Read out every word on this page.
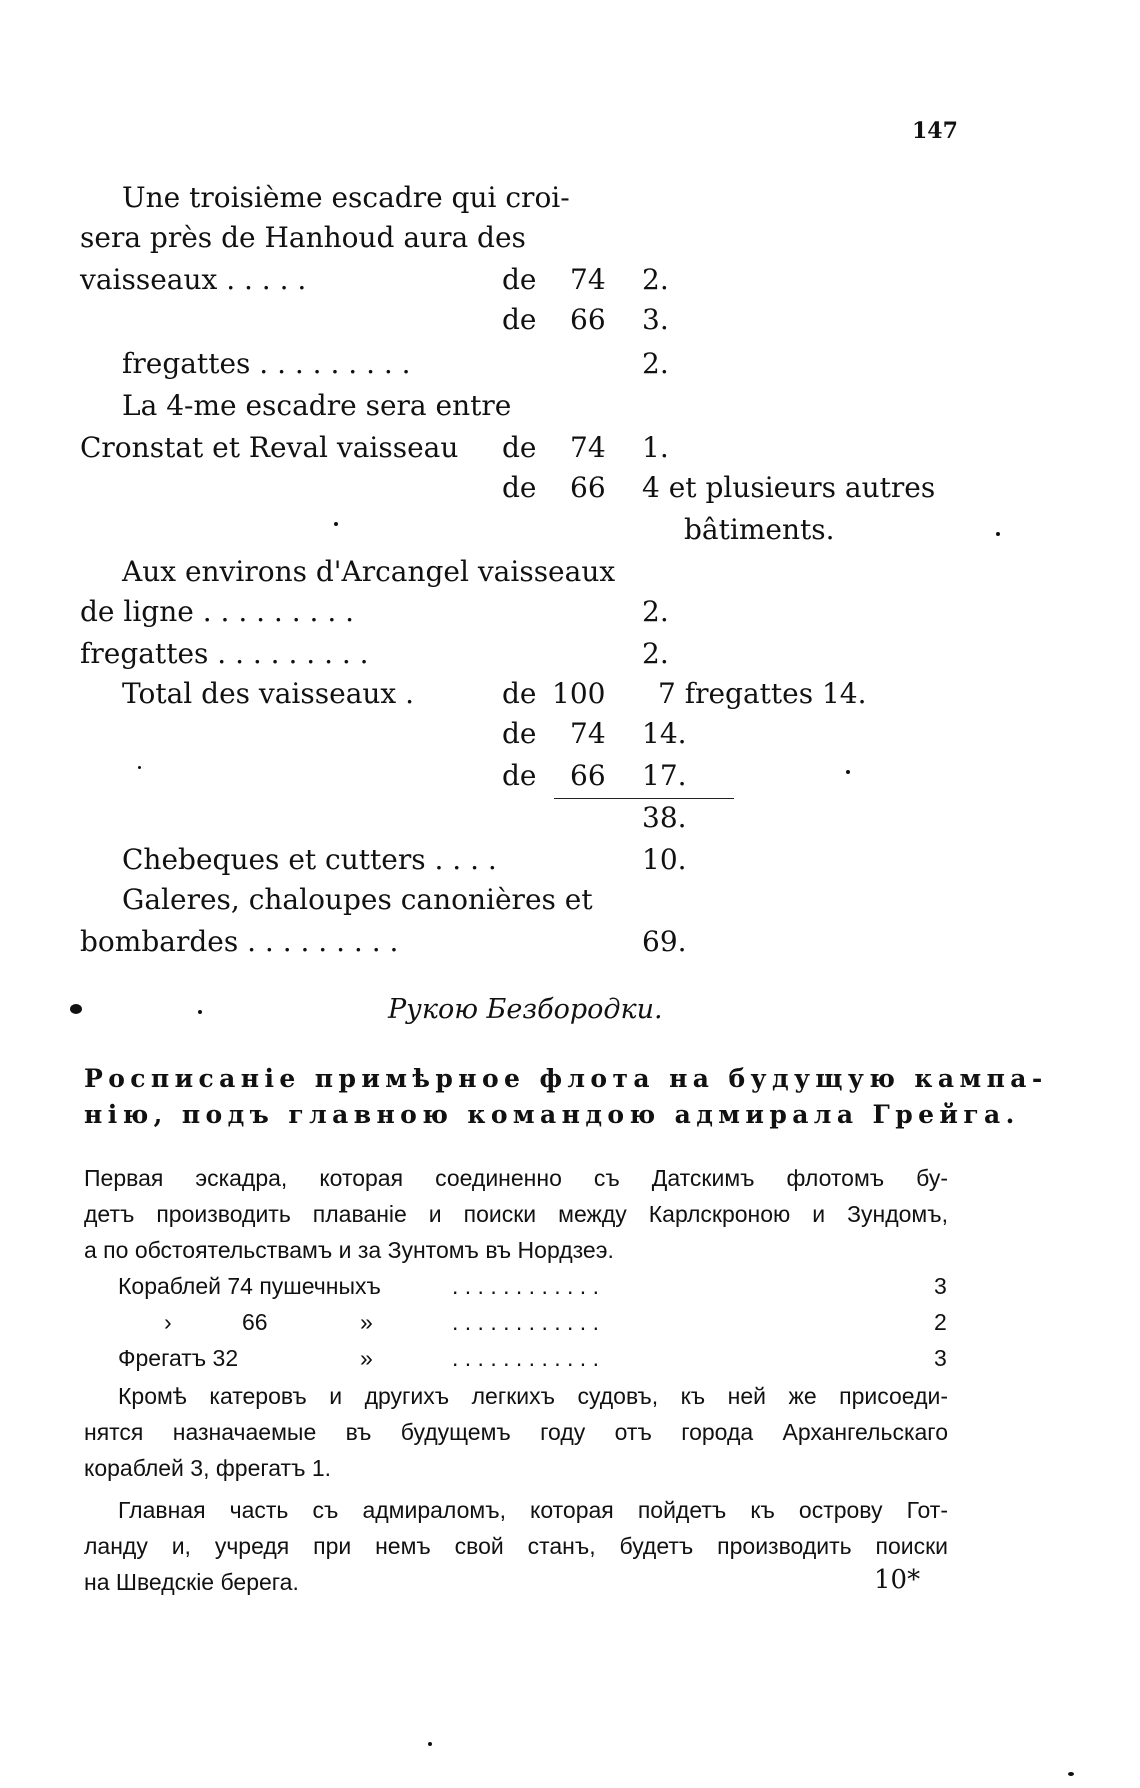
147
Une troisième escadre qui croi-
sera près de Hanhoud aura des
vaisseaux . . . . .	de 74 2.
de 66 3.
fregattes . . . . . . . . .	2.
La 4-me escadre sera entre
Cronstat et Reval vaisseau de 74 1.
de 66 4 et plusieurs autres
bâtiments.
Aux environs d'Arcangel vaisseaux
de ligne . . . . . . . . .	2.
fregattes . . . . . . . . .	2.
Total des vaisseaux .	de 100 7 fregattes 14.
de 74 14.
de 66 17.
38.
Chebeques et cutters . . . .	10.
Galeres, chaloupes canonières et
bombardes . . . . . . . . .	69.
Рукою Безбородки.
Росписаніе примѣрное флота на будущую кампа-
нію, подъ главною командою адмирала Грейга.
Первая эскадра, которая соединенно съ Датскимъ флотомъ бу-
детъ производить плаваніе и поиски между Карлскроною и Зундомъ,
а по обстоятельствамъ и за Зунтомъ въ Нордзеэ.
Кораблей 74 пушечныхъ	. . . . . . . . . . . .	3
›	66	»	. . . . . . . . . . . .	2
Фрегатъ 32	»	. . . . . . . . . . . .	3
Кромѣ катеровъ и другихъ легкихъ судовъ, къ ней же присоеди-
нятся назначаемые въ будущемъ году отъ города Архангельскаго
кораблей 3, фрегатъ 1.
Главная часть съ адмираломъ, которая пойдетъ къ острову Гот-
ланду и, учредя при немъ свой станъ, будетъ производить поиски
на Шведскіе берега.	10*
